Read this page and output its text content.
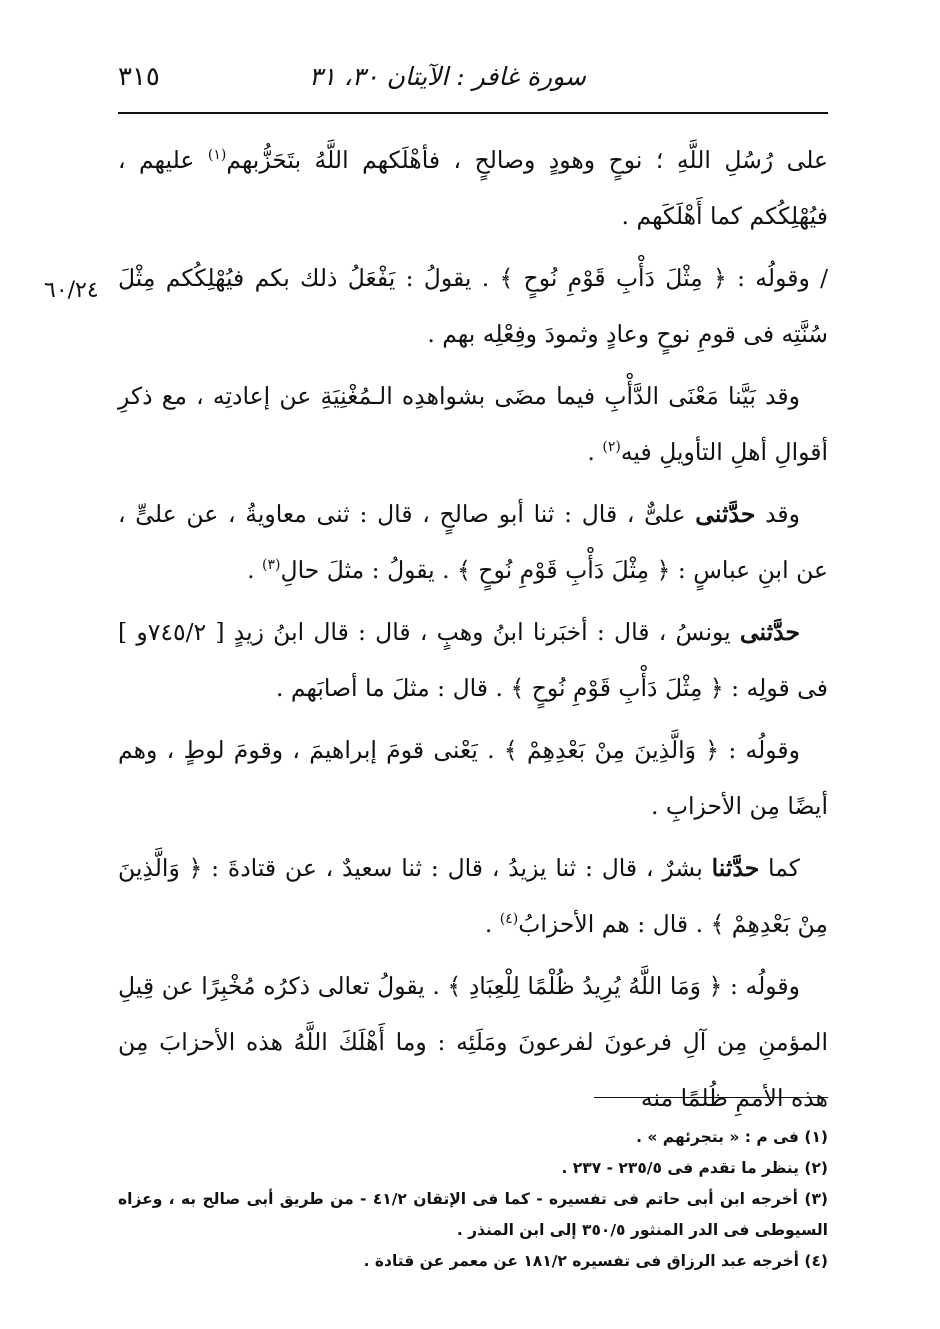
٣١٥	سورة غافر : الآيتان ٣٠، ٣١
٦٠/٢٤

على رُسُلِ اللَّهِ ؛ نوحٍ وهودٍ وصالحٍ ، فأهْلَكهم اللَّهُ بتَحَزُّبهم$^{(١)}$ عليهم ، فيُهْلِكُكم كما أَهْلَكَهم .

/ وقولُه : ﴿ مِثْلَ دَأْبِ قَوْمِ نُوحٍ ﴾ . يقولُ : يَفْعَلُ ذلك بكم فيُهْلِكُكم مِثْلَ سُنَّتِه فى قومِ نوحٍ وعادٍ وثمودَ وفِعْلِه بهم .

وقد بَيَّنا مَعْنَى الدَّأْبِ فيما مضَى بشواهدِه الـمُغْنِيَةِ عن إعادتِه ، مع ذكرِ أقوالِ أهلِ التأويلِ فيه$^{(٢)}$ .

وقد حدَّثنى علىٌّ ، قال : ثنا أبو صالحٍ ، قال : ثنى معاويةُ ، عن علىٍّ ، عن ابنِ عباسٍ : ﴿ مِثْلَ دَأْبِ قَوْمِ نُوحٍ ﴾ . يقولُ : مثلَ حالِ$^{(٣)}$ .

حدَّثنى يونسُ ، قال : أخبَرنا ابنُ وهبٍ ، قال : قال ابنُ زيدٍ [ ٧٤٥/٢و ] فى قولِه : ﴿ مِثْلَ دَأْبِ قَوْمِ نُوحٍ ﴾ . قال : مثلَ ما أصابَهم .

وقولُه : ﴿ وَالَّذِينَ مِنْ بَعْدِهِمْ ﴾ . يَعْنى قومَ إبراهيمَ ، وقومَ لوطٍ ، وهم أيضًا مِن الأحزابِ .

كما حدَّثنا بشرٌ ، قال : ثنا يزيدُ ، قال : ثنا سعيدٌ ، عن قتادةَ : ﴿ وَالَّذِينَ مِنْ بَعْدِهِمْ ﴾ . قال : هم الأحزابُ$^{(٤)}$ .

وقولُه : ﴿ وَمَا اللَّهُ يُرِيدُ ظُلْمًا لِلْعِبَادِ ﴾ . يقولُ تعالى ذكرُه مُخْبِرًا عن قِيلِ المؤمنِ مِن آلِ فرعونَ لفرعونَ ومَلَئِه : وما أَهْلَكَ اللَّهُ هذه الأحزابَ مِن هذه الأممِ ظُلمًا منه

(١) فى م : « بتجرئهم » .

(٢) ينظر ما تقدم فى ٢٣٥/٥ - ٢٣٧ .

(٣) أخرجه ابن أبى حاتم فى تفسيره - كما فى الإتقان ٤١/٢ - من طريق أبى صالح به ، وعزاه السيوطى فى الدر المنثور ٣٥٠/٥ إلى ابن المنذر .

(٤) أخرجه عبد الرزاق فى تفسيره ١٨١/٢ عن معمر عن قتادة .
